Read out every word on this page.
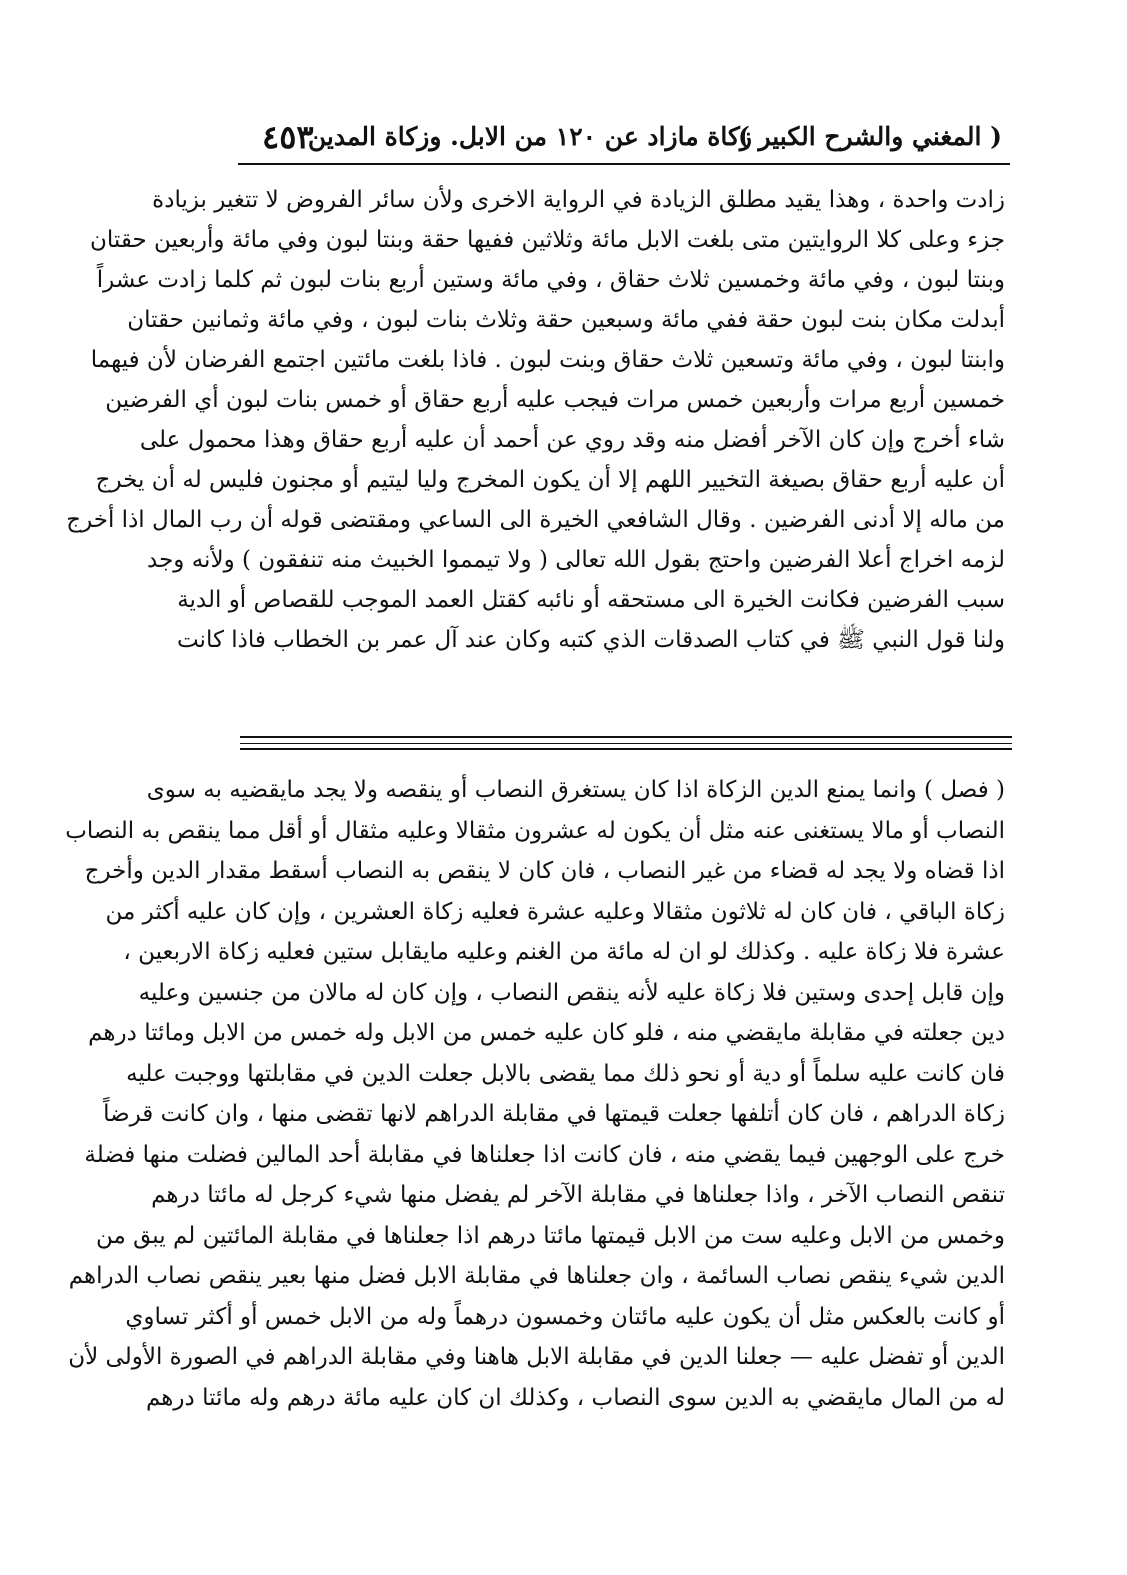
( المغني والشرح الكبير )
زكاة مازاد عن ١٢٠ من الابل. وزكاة المدين
٤٥٣
زادت واحدة ، وهذا يقيد مطلق الزيادة في الرواية الاخرى ولأن سائر الفروض لا تتغير بزيادة
جزء وعلى كلا الروايتين متى بلغت الابل مائة وثلاثين ففيها حقة وبنتا لبون وفي مائة وأربعين حقتان
وبنتا لبون ، وفي مائة وخمسين ثلاث حقاق ، وفي مائة وستين أربع بنات لبون ثم كلما زادت عشراً
أبدلت مكان بنت لبون حقة ففي مائة وسبعين حقة وثلاث بنات لبون ، وفي مائة وثمانين حقتان
وابنتا لبون ، وفي مائة وتسعين ثلاث حقاق وبنت لبون . فاذا بلغت مائتين اجتمع الفرضان لأن فيهما
خمسين أربع مرات وأربعين خمس مرات فيجب عليه أربع حقاق أو خمس بنات لبون أي الفرضين
شاء أخرج وإن كان الآخر أفضل منه وقد روي عن أحمد أن عليه أربع حقاق وهذا محمول على
أن عليه أربع حقاق بصيغة التخيير اللهم إلا أن يكون المخرج وليا ليتيم أو مجنون فليس له أن يخرج
من ماله إلا أدنى الفرضين . وقال الشافعي الخيرة الى الساعي ومقتضى قوله أن رب المال اذا أخرج
لزمه اخراج أعلا الفرضين واحتج بقول الله تعالى ( ولا تيمموا الخبيث منه تنفقون ) ولأنه وجد
سبب الفرضين فكانت الخيرة الى مستحقه أو نائبه كقتل العمد الموجب للقصاص أو الدية
ولنا قول النبي ﷺ في كتاب الصدقات الذي كتبه وكان عند آل عمر بن الخطاب فاذا كانت
( فصل ) وانما يمنع الدين الزكاة اذا كان يستغرق النصاب أو ينقصه ولا يجد مايقضيه به سوى
النصاب أو مالا يستغنى عنه مثل أن يكون له عشرون مثقالا وعليه مثقال أو أقل مما ينقص به النصاب
اذا قضاه ولا يجد له قضاء من غير النصاب ، فان كان لا ينقص به النصاب أسقط مقدار الدين وأخرج
زكاة الباقي ، فان كان له ثلاثون مثقالا وعليه عشرة فعليه زكاة العشرين ، وإن كان عليه أكثر من
عشرة فلا زكاة عليه . وكذلك لو ان له مائة من الغنم وعليه مايقابل ستين فعليه زكاة الاربعين ،
وإن قابل إحدى وستين فلا زكاة عليه لأنه ينقص النصاب ، وإن كان له مالان من جنسين وعليه
دين جعلته في مقابلة مايقضي منه ، فلو كان عليه خمس من الابل وله خمس من الابل ومائتا درهم
فان كانت عليه سلماً أو دية أو نحو ذلك مما يقضى بالابل جعلت الدين في مقابلتها ووجبت عليه
زكاة الدراهم ، فان كان أتلفها جعلت قيمتها في مقابلة الدراهم لانها تقضى منها ، وان كانت قرضاً
خرج على الوجهين فيما يقضي منه ، فان كانت اذا جعلناها في مقابلة أحد المالين فضلت منها فضلة
تنقص النصاب الآخر ، واذا جعلناها في مقابلة الآخر لم يفضل منها شيء كرجل له مائتا درهم
وخمس من الابل وعليه ست من الابل قيمتها مائتا درهم اذا جعلناها في مقابلة المائتين لم يبق من
الدين شيء ينقص نصاب السائمة ، وان جعلناها في مقابلة الابل فضل منها بعير ينقص نصاب الدراهم
أو كانت بالعكس مثل أن يكون عليه مائتان وخمسون درهماً وله من الابل خمس أو أكثر تساوي
الدين أو تفضل عليه — جعلنا الدين في مقابلة الابل هاهنا وفي مقابلة الدراهم في الصورة الأولى لأن
له من المال مايقضي به الدين سوى النصاب ، وكذلك ان كان عليه مائة درهم وله مائتا درهم
